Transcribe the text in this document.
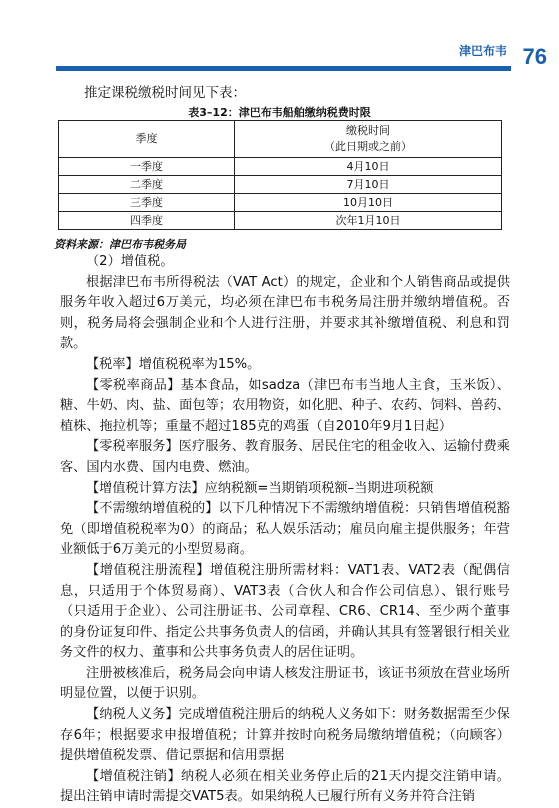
津巴布韦 76
推定课税缴税时间见下表：
表3–12：津巴布韦船舶缴纳税费时限
季度	缴税时间
（此日期或之前）

一季度	4月10日
二季度	7月10日
三季度	10月10日
四季度	次年1月10日
资料来源：津巴布韦税务局

（2）增值税。

根据津巴布韦所得税法（VAT Act）的规定，企业和个人销售商品或提供服务年收入超过6万美元，均必须在津巴布韦税务局注册并缴纳增值税。否则，税务局将会强制企业和个人进行注册，并要求其补缴增值税、利息和罚款。

【税率】增值税税率为15%。

【零税率商品】基本食品，如sadza（津巴布韦当地人主食，玉米饭）、糖、牛奶、肉、盐、面包等；农用物资，如化肥、种子、农药、饲料、兽药、植株、拖拉机等；重量不超过185克的鸡蛋（自2010年9月1日起）

【零税率服务】医疗服务、教育服务、居民住宅的租金收入、运输付费乘客、国内水费、国内电费、燃油。

【增值税计算方法】应纳税额=当期销项税额–当期进项税额

【不需缴纳增值税的】以下几种情况下不需缴纳增值税：只销售增值税豁免（即增值税税率为0）的商品；私人娱乐活动；雇员向雇主提供服务；年营业额低于6万美元的小型贸易商。

【增值税注册流程】增值税注册所需材料：VAT1表、VAT2表（配偶信息，只适用于个体贸易商）、VAT3表（合伙人和合作公司信息）、银行账号（只适用于企业）、公司注册证书、公司章程、CR6、CR14、至少两个董事的身份证复印件、指定公共事务负责人的信函，并确认其具有签署银行相关业务文件的权力、董事和公共事务负责人的居住证明。

注册被核准后，税务局会向申请人核发注册证书，该证书须放在营业场所明显位置，以便于识别。

【纳税人义务】完成增值税注册后的纳税人义务如下：财务数据需至少保存6年；根据要求申报增值税；计算并按时向税务局缴纳增值税；（向顾客）提供增值税发票、借记票据和信用票据

【增值税注销】纳税人必须在相关业务停止后的21天内提交注销申请。提出注销申请时需提交VAT5表。如果纳税人已履行所有义务并符合注销
